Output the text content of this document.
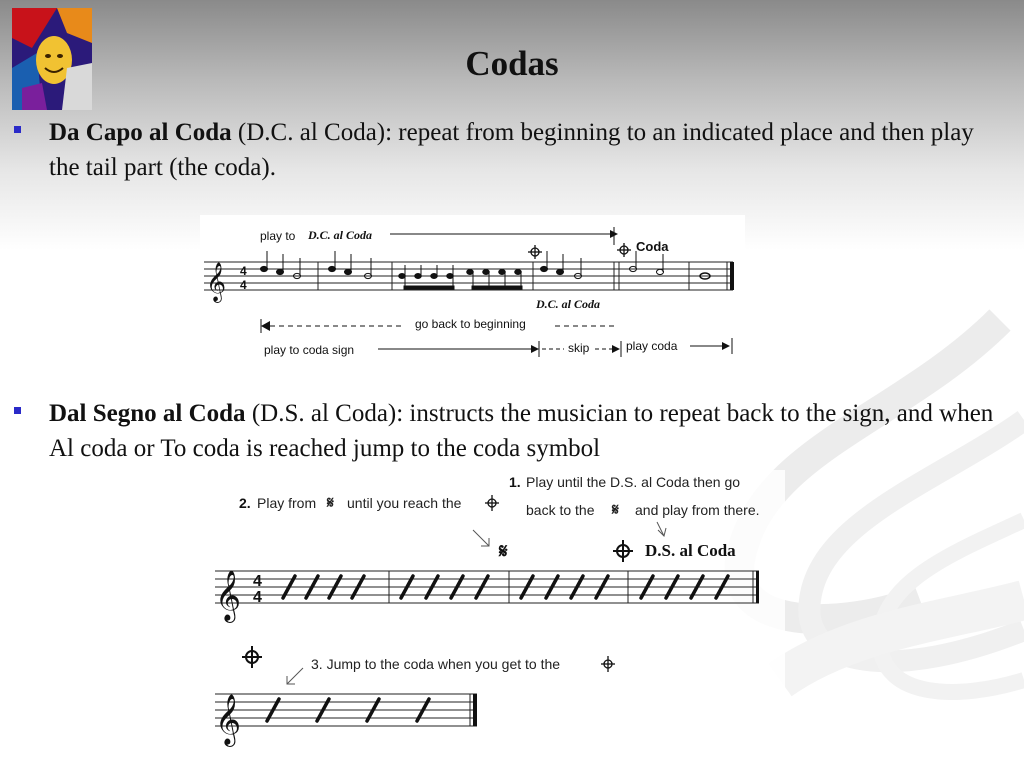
Codas
Da Capo al Coda (D.C. al Coda): repeat from beginning to an indicated place and then play the tail part (the coda).
play to D.C. al Coda
Coda
𝄞 4
4
D.C. al Coda
go back to beginning
play to coda sign	skip	play coda
Dal Segno al Coda (D.S. al Coda): instructs the musician to repeat back to the sign, and when Al coda or To coda is reached jump to the coda symbol
1. Play until the D.S. al Coda then go
back to the 𝄋 and play from there.
2. Play from 𝄋 until you reach the
𝄋	D.S. al Coda
𝄞 4
4
3. Jump to the coda when you get to the
𝄞
